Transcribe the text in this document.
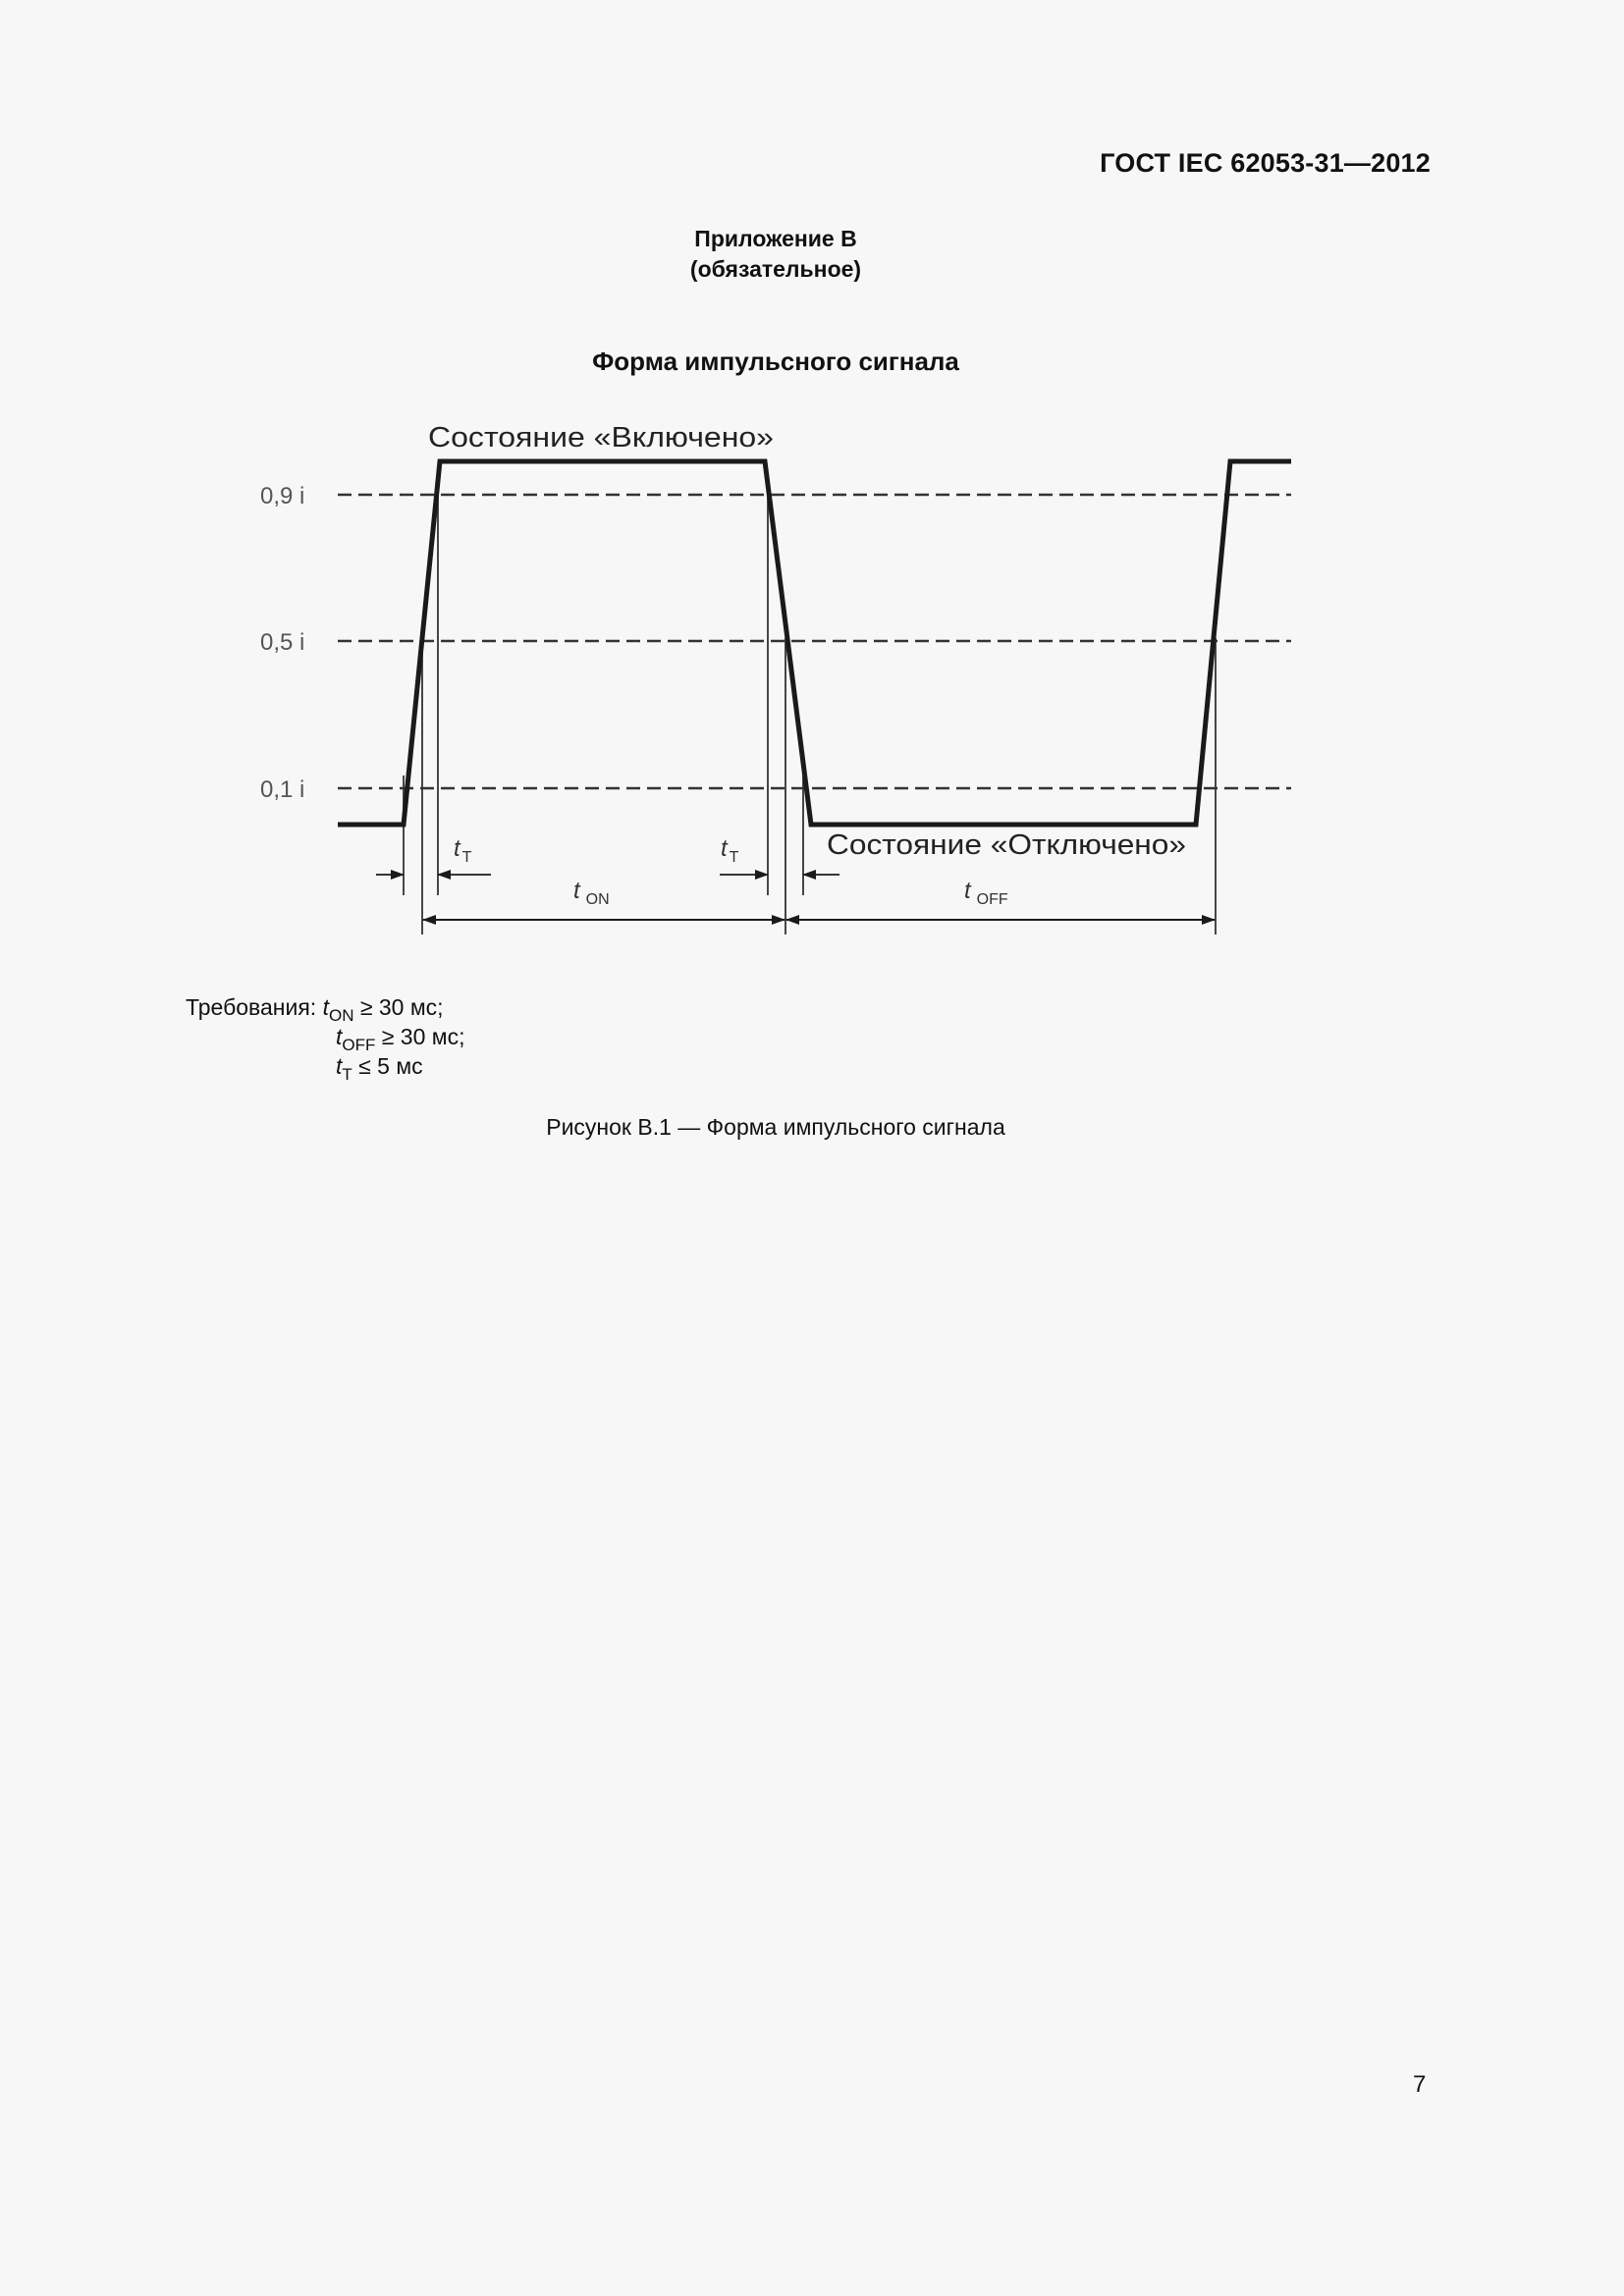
ГОСТ IEC 62053-31—2012
Приложение В
(обязательное)
Форма импульсного сигнала
0,9 i
0,5 i
0,1 i
Состояние «Включено»
Состояние «Отключено»
t $_T$	t $_T$
t $_{ON}$	t $_{OFF}$
Требования: $t_{ON} \ge 30$ мс;
$t_{OFF} \ge 30$ мс;
$t_T \le 5$ мс
Рисунок В.1 — Форма импульсного сигнала
7
